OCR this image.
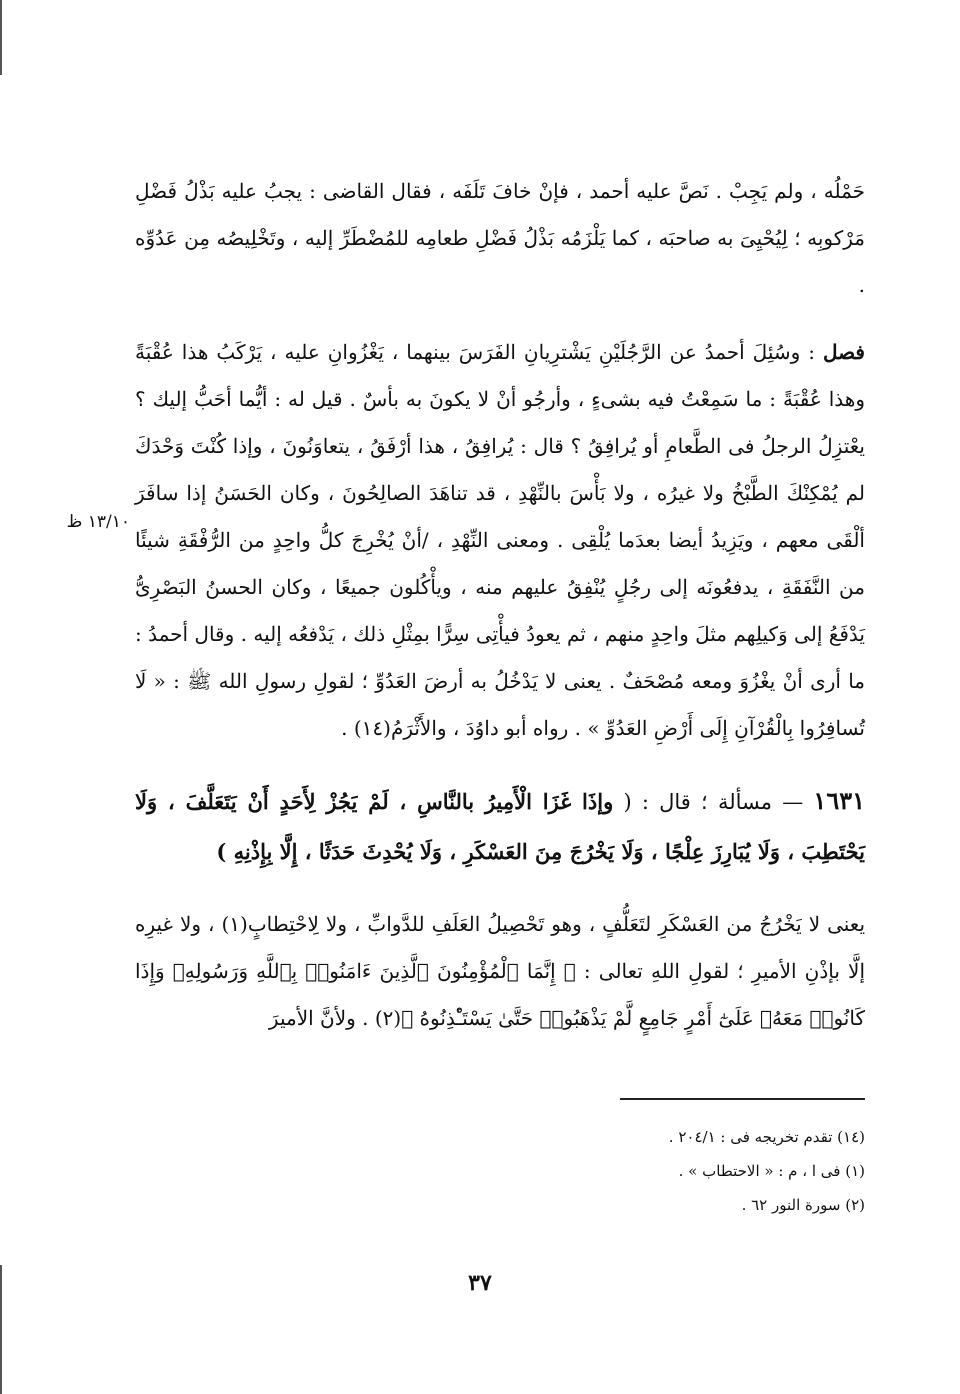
١٣/١٠ ظ

حَمْلُه ، ولم يَجِبْ . نَصَّ عليه أحمد ، فإنْ خافَ تَلَفَه ، فقال القاضى : يجبُ عليه بَذْلُ فَضْلِ مَرْكوبِه ؛ لِيُحْيِىَ به صاحبَه ، كما يَلْزَمُه بَذْلُ فَضْلِ طعامِه للمُضْطَرِّ إليه ، وتَخْلِيصُه مِن عَدُوِّه .

فصل : وسُئِلَ أحمدُ عن الرَّجُلَيْنِ يَشْترِيانِ الفَرَسَ بينهما ، يَغْزُوانِ عليه ، يَرْكَبُ هذا عُقْبَةً وهذا عُقْبَةً : ما سَمِعْتُ فيه بشىءٍ ، وأرجُو أنْ لا يكونَ به بأسٌ . قيل له : أيُّما أحَبُّ إليك ؟ يعْتزِلُ الرجلُ فى الطَّعامِ أو يُرافِقُ ؟ قال : يُرافِقُ ، هذا أرْفَقُ ، يتعاوَنُونَ ، وإذا كُنْتَ وَحْدَكَ لم يُمْكِنْكَ الطَّبْخُ ولا غيرُه ، ولا بَأْسَ بالنِّهْدِ ، قد تناهَدَ الصالِحُونَ ، وكان الحَسَنُ إذا سافَرَ ألْقَى معهم ، ويَزِيدُ أيضا بعدَما يُلْقِى . ومعنى النِّهْدِ ، /أنْ يُخْرِجَ كلُّ واحِدٍ من الرُّفْقَةِ شيئًا من النَّفَقَةِ ، يدفعُونَه إلى رجُلٍ يُنْفِقُ عليهم منه ، ويأْكُلون جميعًا ، وكان الحسنُ البَصْرِىُّ يَدْفَعُ إلى وَكيلِهم مثلَ واحِدٍ منهم ، ثم يعودُ فيأْتِى سِرًّا بمِثْلِ ذلك ، يَدْفعُه إليه . وقال أحمدُ : ما أرى أنْ يغْزُوَ ومعه مُصْحَفٌ . يعنى لا يَدْخُلُ به أرضَ العَدُوِّ ؛ لقولِ رسولِ الله ﷺ : « لَا تُسافِرُوا بِالْقُرْآنِ إِلَى أَرْضِ العَدُوِّ » . رواه أبو داوُدَ ، والأَثْرَمُ(١٤) .

١٦٣١ — مسألة ؛ قال : ( وإذَا غَزَا الْأَمِيرُ بالنَّاسِ ، لَمْ يَجُزْ لِأَحَدٍ أَنْ يَتَعَلَّفَ ، وَلَا يَحْتَطِبَ ، وَلَا يُبَارِزَ عِلْجًا ، وَلَا يَخْرُجَ مِنَ العَسْكَرِ ، وَلَا يُحْدِثَ حَدَثًا ، إِلَّا بِإِذْنِهِ )

يعنى لا يَخْرُجُ من العَسْكَرِ لتَعَلُّفٍ ، وهو تَحْصِيلُ العَلَفِ للدَّوابِّ ، ولا لِاحْتِطابٍ(١) ، ولا غيرِه إلَّا بإذْنِ الأميرِ ؛ لقولِ اللهِ تعالى : ﴿ إِنَّمَا ٱلْمُؤْمِنُونَ ٱلَّذِينَ ءَامَنُوا۟ بِٱللَّهِ وَرَسُولِهِۦ وَإِذَا كَانُوا۟ مَعَهُۥ عَلَىٰٓ أَمْرٍ جَامِعٍ لَّمْ يَذْهَبُوا۟ حَتَّىٰ يَسْتَـْٔذِنُوهُ ﴾(٢) . ولأنَّ الأميرَ

(١٤) تقدم تخريجه فى : ٢٠٤/١ .

(١) فى ا ، م : « الاحتطاب » .

(٢) سورة النور ٦٢ .

٣٧
